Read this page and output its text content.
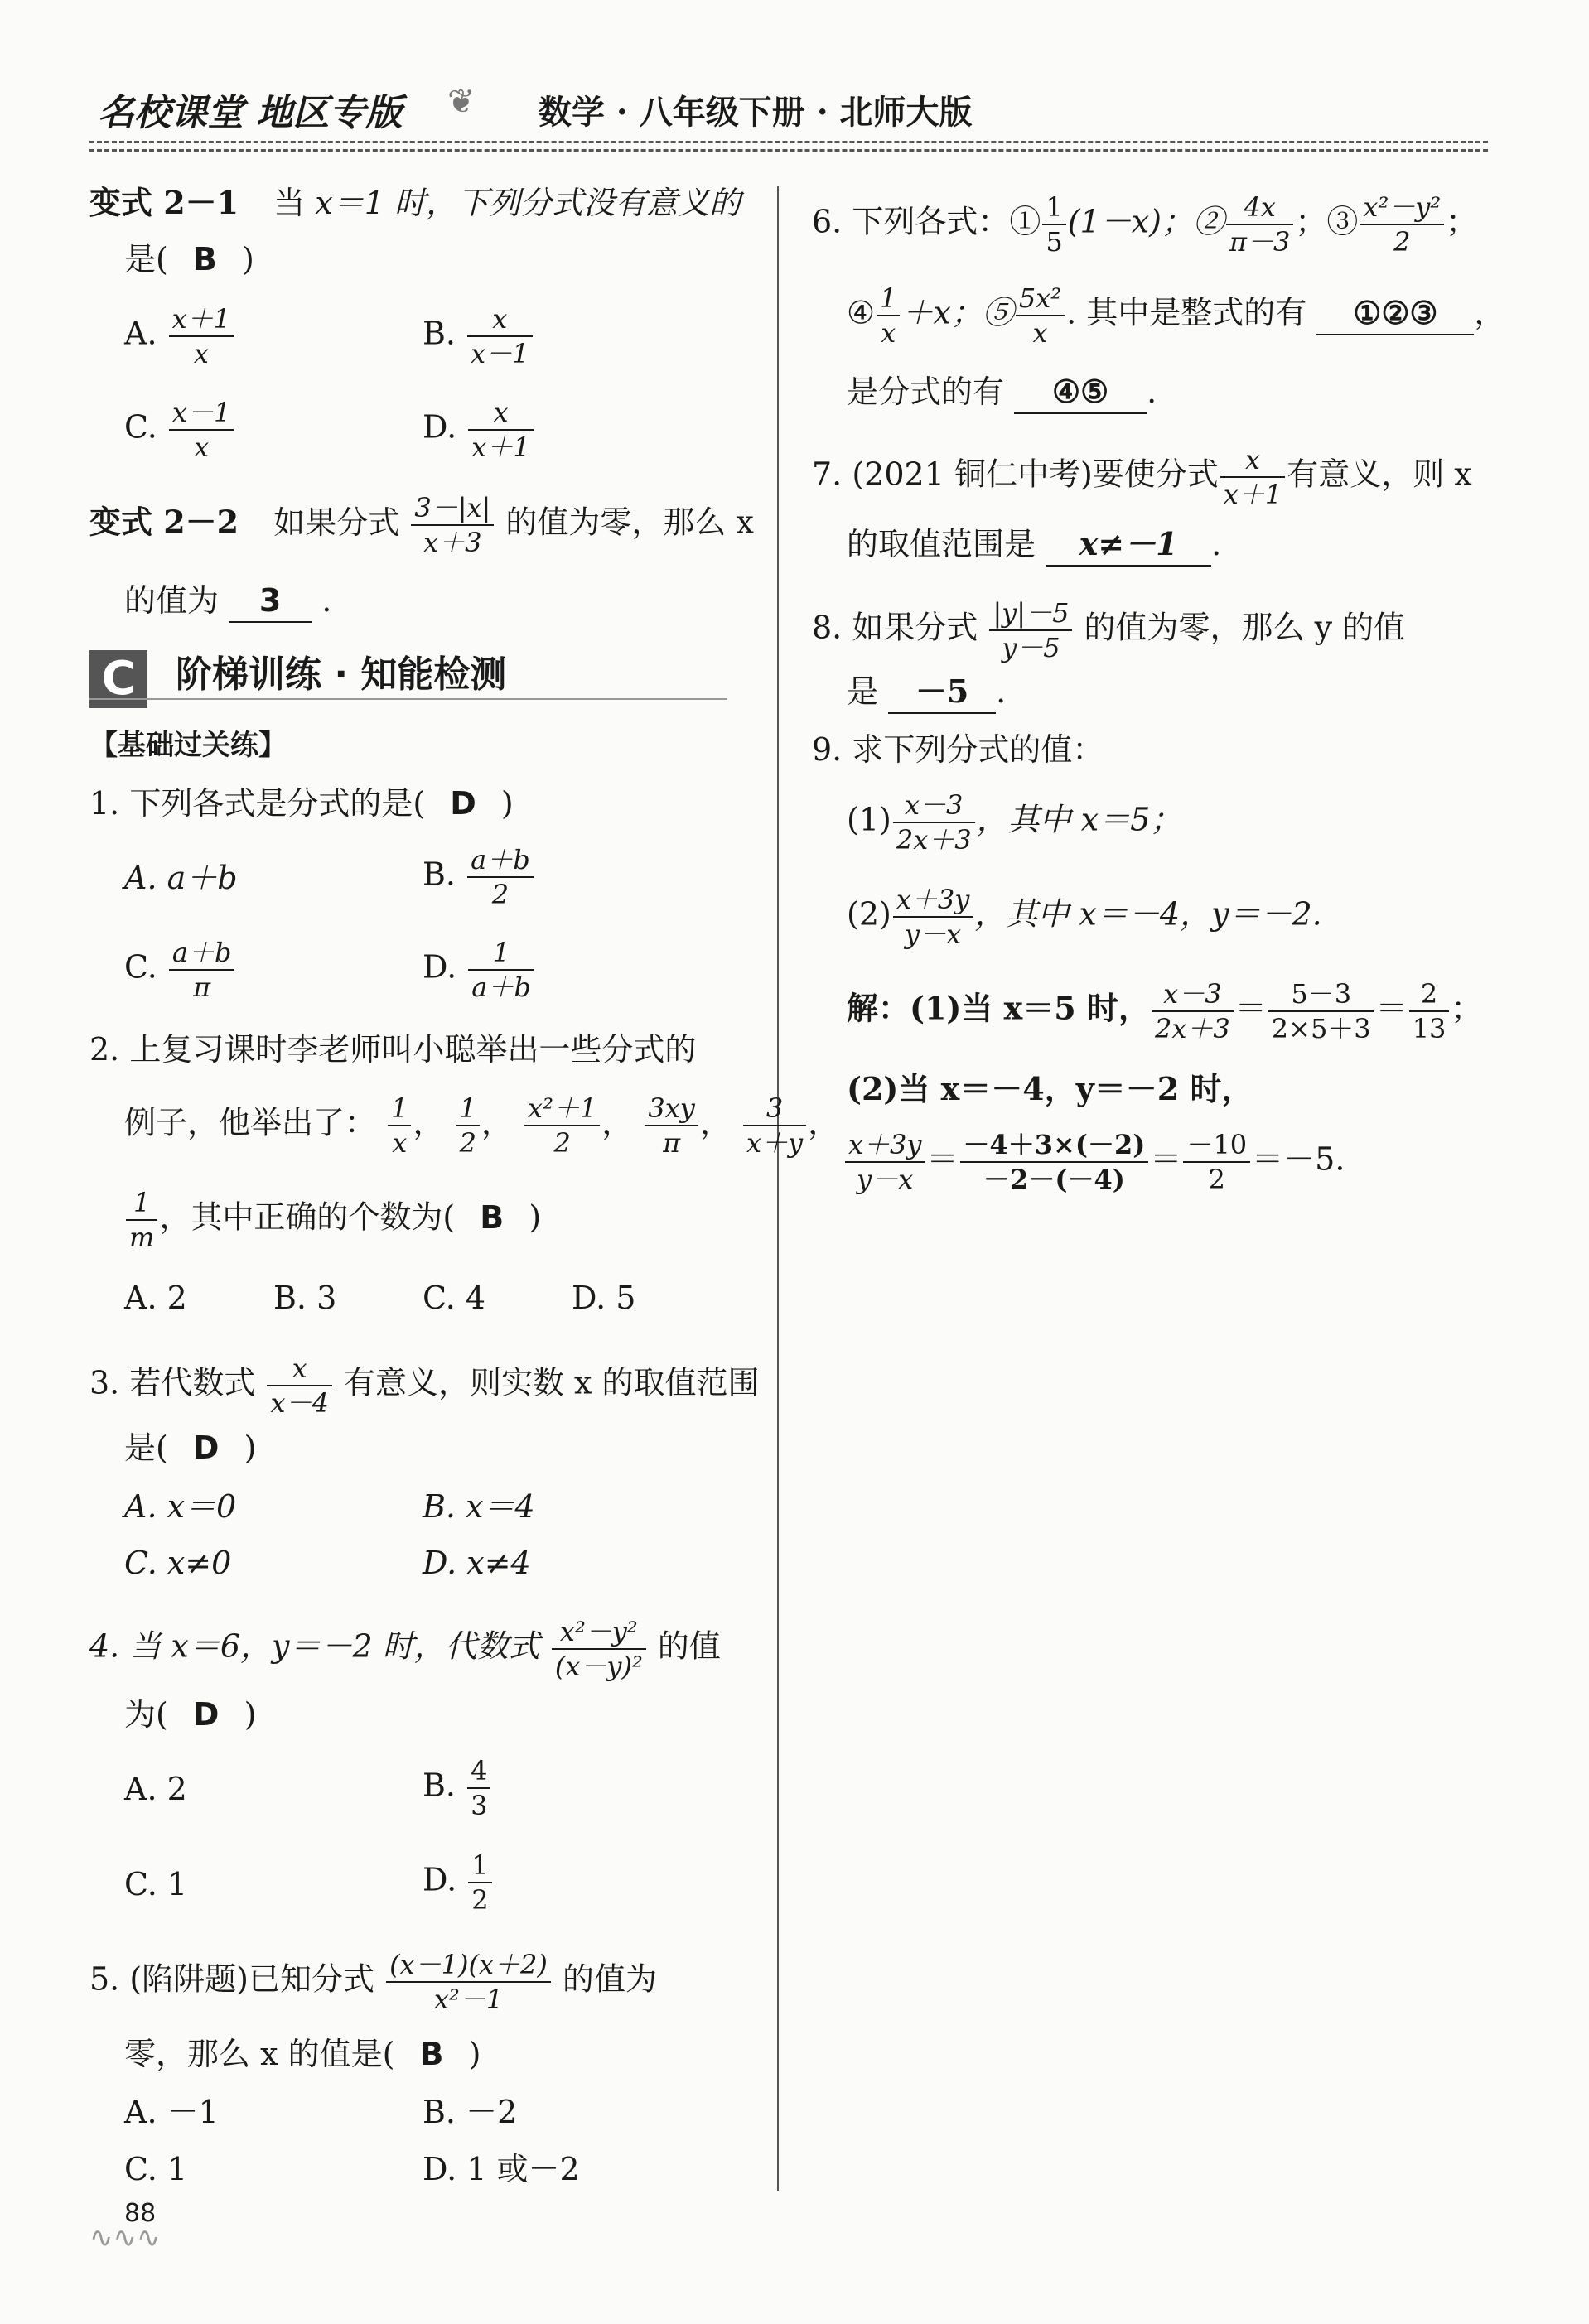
名校课堂 地区专版 ❦ 数学 · 八年级下册 · 北师大版
变式 2－1 当 x＝1 时，下列分式没有意义的
是( B )
A. $\frac{x+1}{x}$	B. $\frac{x}{x-1}$
C. $\frac{x-1}{x}$	D. $\frac{x}{x+1}$
变式 2－2 如果分式 $\frac{3-|x|}{x+3}$ 的值为零，那么 x
的值为 3 .
C	阶梯训练 · 知能检测
【基础过关练】
1. 下列各式是分式的是( D )
A. a＋b	B. $\frac{a+b}{2}$
C. $\frac{a+b}{\pi}$	D. $\frac{1}{a+b}$
2. 上复习课时李老师叫小聪举出一些分式的
例子，他举出了： $\frac{1}{x}$ ， $\frac{1}{2}$ ， $\frac{\text{x²＋1}}{2}$ ， $\frac{3xy}{\pi}$ ， $\frac{3}{x+y}$ ，
$\frac{1}{m}$ ，其中正确的个数为( B )
A. 2	B. 3	C. 4	D. 5
3. 若代数式 $\frac{x}{x-4}$ 有意义，则实数 x 的取值范围
是( D )
A. x＝0	B. x＝4
C. x≠0	D. x≠4
4. 当 x＝6，y＝－2 时，代数式 $\frac{\text{x²－y²}}{\text{(x－y)²}}$ 的值
为( D )
A. 2	B. $\frac{4}{3}$
C. 1	D. $\frac{1}{2}$
5. (陷阱题)已知分式 $\frac{(x-1)(x+2)}{\text{x²－1}}$ 的值为
零，那么 x 的值是( B )
A. －1	B. －2
C. 1	D. 1 或－2
88
∿∿∿
6. 下列各式：① $\frac{1}{5} (1-x)$；② $\frac{4x}{\pi-3}$ ；③ $\frac{\text{x²－y²}}{2}$ ；
④ $\frac{1}{x} +x$；⑤ $\frac{\text{5x²}}{x}$ . 其中是整式的有 ①②③ ，
是分式的有 ④⑤ .
7. (2021 铜仁中考)要使分式 $\frac{x}{x+1}$ 有意义，则 x
的取值范围是 x≠－1 .
8. 如果分式 $\frac{|y|-5}{y-5}$ 的值为零，那么 y 的值
是 －5 .
9. 求下列分式的值：
$(1) \frac{x-3}{2x+3}$ ，其中 x＝5；
$(2) \frac{x+3y}{y-x}$ ，其中 x＝－4，y＝－2.
解：(1)当 x＝5 时， $\frac{x-3}{2x+3} = \frac{5-3}{2\times 5+3} = \frac{2}{13}$ ；
(2)当 x＝－4，y＝－2 时，
$\frac{x+3y}{y-x} = \frac{-4+3\times(-2)}{-2-(-4)} = \frac{-10}{2} =-5$.
